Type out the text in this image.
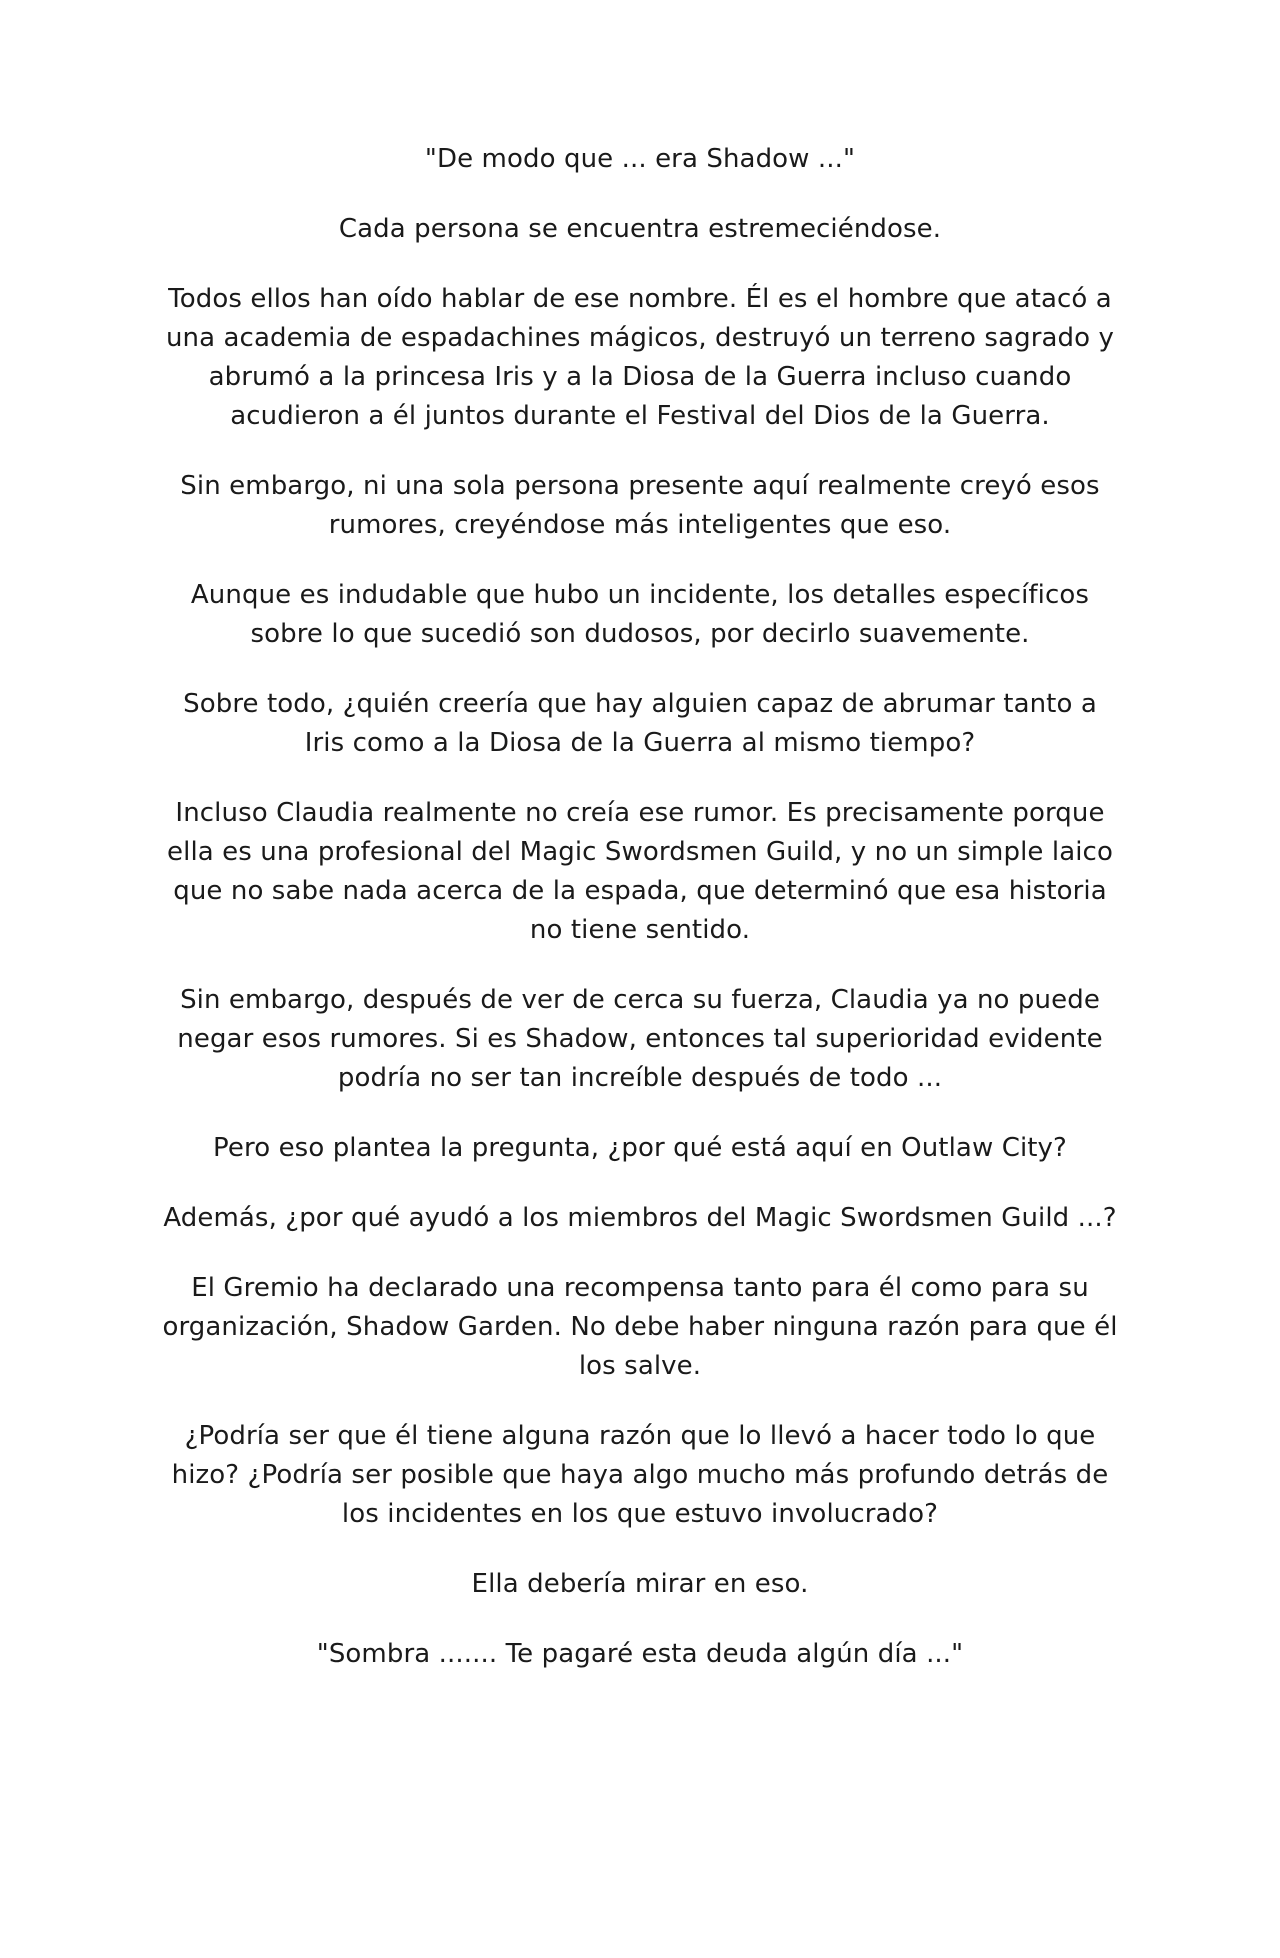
"De modo que ... era Shadow ..."

Cada persona se encuentra estremeciéndose.

Todos ellos han oído hablar de ese nombre. Él es el hombre que atacó a una academia de espadachines mágicos, destruyó un terreno sagrado y abrumó a la princesa Iris y a la Diosa de la Guerra incluso cuando acudieron a él juntos durante el Festival del Dios de la Guerra.

Sin embargo, ni una sola persona presente aquí realmente creyó esos rumores, creyéndose más inteligentes que eso.

Aunque es indudable que hubo un incidente, los detalles específicos sobre lo que sucedió son dudosos, por decirlo suavemente.

Sobre todo, ¿quién creería que hay alguien capaz de abrumar tanto a Iris como a la Diosa de la Guerra al mismo tiempo?

Incluso Claudia realmente no creía ese rumor. Es precisamente porque ella es una profesional del Magic Swordsmen Guild, y no un simple laico que no sabe nada acerca de la espada, que determinó que esa historia no tiene sentido.

Sin embargo, después de ver de cerca su fuerza, Claudia ya no puede negar esos rumores. Si es Shadow, entonces tal superioridad evidente podría no ser tan increíble después de todo ...

Pero eso plantea la pregunta, ¿por qué está aquí en Outlaw City?

Además, ¿por qué ayudó a los miembros del Magic Swordsmen Guild ...?

El Gremio ha declarado una recompensa tanto para él como para su organización, Shadow Garden. No debe haber ninguna razón para que él los salve.

¿Podría ser que él tiene alguna razón que lo llevó a hacer todo lo que hizo? ¿Podría ser posible que haya algo mucho más profundo detrás de los incidentes en los que estuvo involucrado?

Ella debería mirar en eso.

"Sombra ....... Te pagaré esta deuda algún día ..."
